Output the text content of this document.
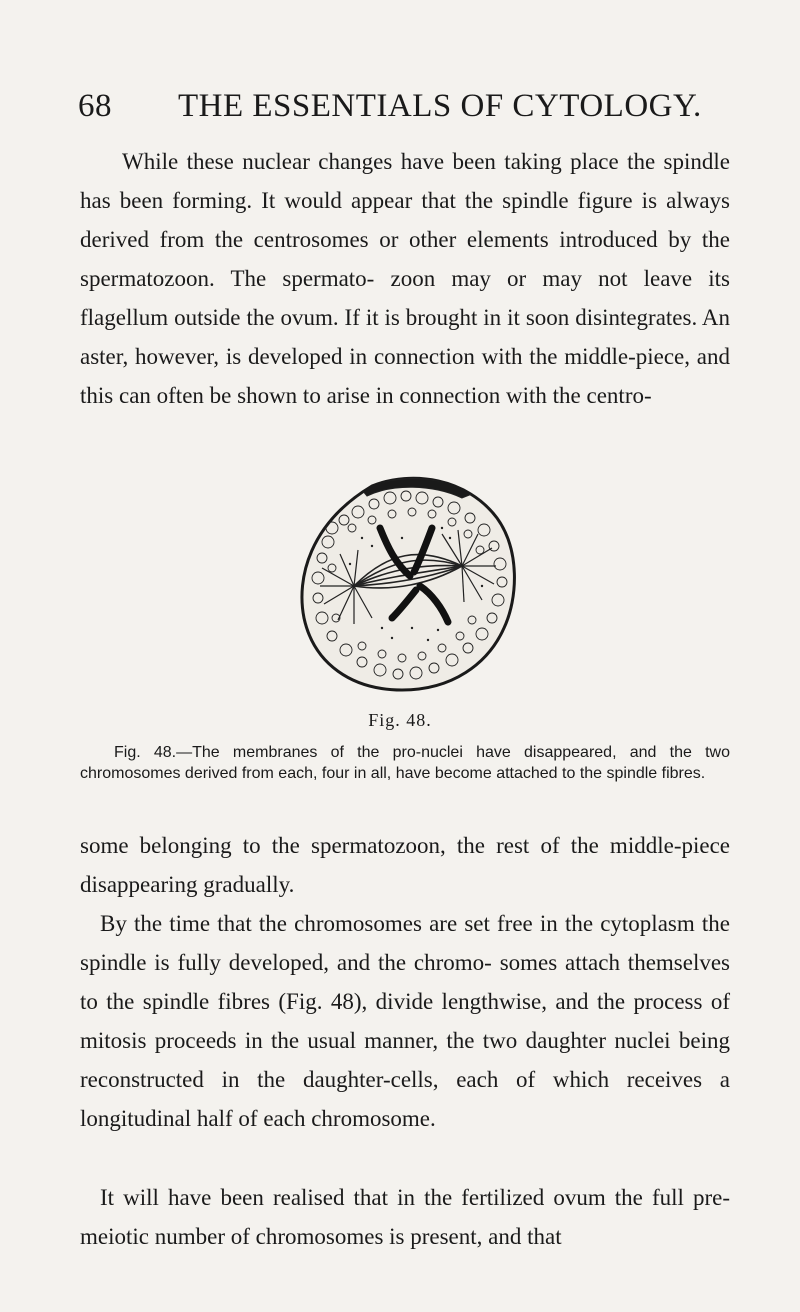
68 THE ESSENTIALS OF CYTOLOGY.

While these nuclear changes have been taking place the spindle has been forming. It would appear that the spindle figure is always derived from the centrosomes or other elements introduced by the spermatozoon. The spermato- zoon may or may not leave its flagellum outside the ovum. If it is brought in it soon disintegrates. An aster, however, is developed in connection with the middle-piece, and this can often be shown to arise in connection with the centro-

Fig. 48.

Fig. 48.—The membranes of the pro-nuclei have disappeared, and the two chromosomes derived from each, four in all, have become attached to the spindle fibres.

some belonging to the spermatozoon, the rest of the middle-piece disappearing gradually.

By the time that the chromosomes are set free in the cytoplasm the spindle is fully developed, and the chromo- somes attach themselves to the spindle fibres (Fig. 48), divide lengthwise, and the process of mitosis proceeds in the usual manner, the two daughter nuclei being reconstructed in the daughter-cells, each of which receives a longitudinal half of each chromosome.

It will have been realised that in the fertilized ovum the full pre-meiotic number of chromosomes is present, and that
